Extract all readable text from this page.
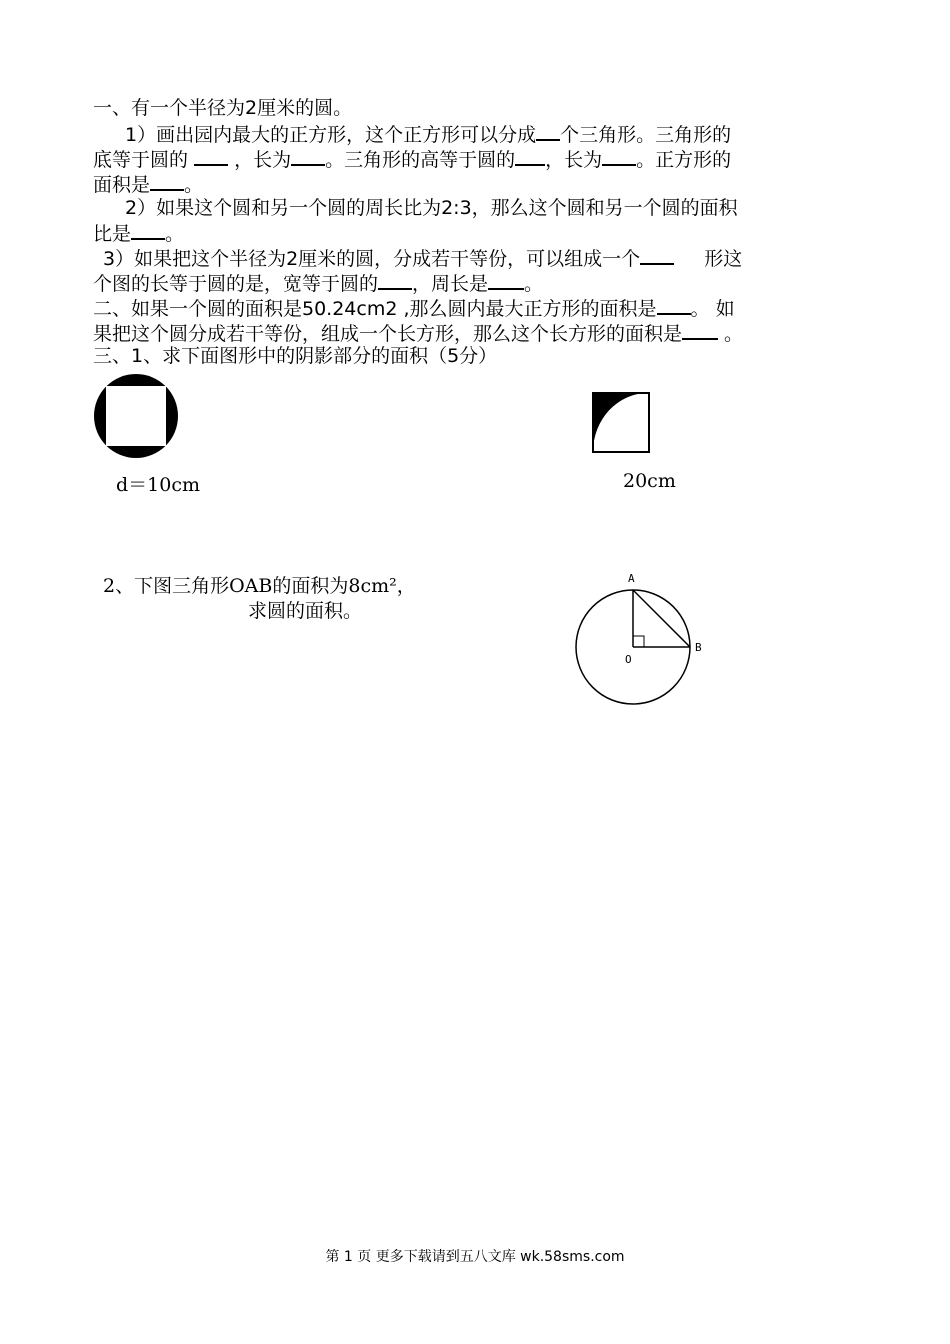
一、有一个半径为2厘米的圆。
1）画出园内最大的正方形，这个正方形可以分成 个三角形。三角形的
底等于圆的  ，长为 。三角形的高等于圆的 ，长为 。正方形的
面积是 。
2）如果这个圆和另一个圆的周长比为2:3，那么这个圆和另一个圆的面积
比是 。
3）如果把这个半径为2厘米的圆，分成若干等份，可以组成一个	形这
个图的长等于圆的是，宽等于圆的 ，周长是 。
二、如果一个圆的面积是50.24cm2 ,那么圆内最大正方形的面积是 。 如
果把这个圆分成若干等份，组成一个长方形，那么这个长方形的面积是 。
三、1、求下面图形中的阴影部分的面积（5分）
d＝10cm	20cm
2、下图三角形OAB的面积为8cm²，
求圆的面积。
A
B
O
第 1 页 更多下载请到五八文库 wk.58sms.com
